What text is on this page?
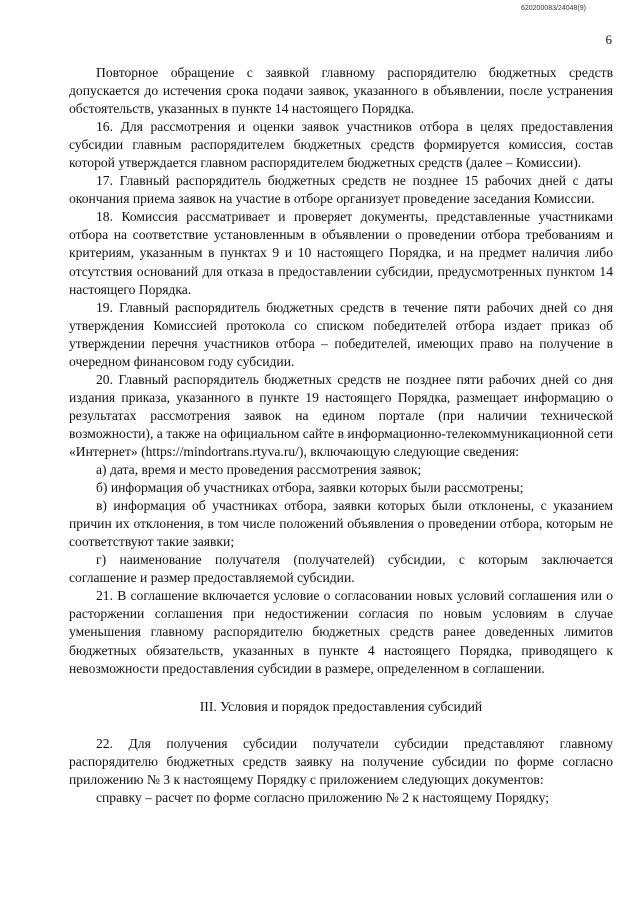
620200083/24048(9)
6

Повторное обращение с заявкой главному распорядителю бюджетных средств допускается до истечения срока подачи заявок, указанного в объявлении, после устранения обстоятельств, указанных в пункте 14 настоящего Порядка.

16. Для рассмотрения и оценки заявок участников отбора в целях предоставления субсидии главным распорядителем бюджетных средств формируется комиссия, состав которой утверждается главном распорядителем бюджетных средств (далее – Комиссии).

17. Главный распорядитель бюджетных средств не позднее 15 рабочих дней с даты окончания приема заявок на участие в отборе организует проведение заседания Комиссии.

18. Комиссия рассматривает и проверяет документы, представленные участниками отбора на соответствие установленным в объявлении о проведении отбора требованиям и критериям, указанным в пунктах 9 и 10 настоящего Порядка, и на предмет наличия либо отсутствия оснований для отказа в предоставлении субсидии, предусмотренных пунктом 14 настоящего Порядка.

19. Главный распорядитель бюджетных средств в течение пяти рабочих дней со дня утверждения Комиссией протокола со списком победителей отбора издает приказ об утверждении перечня участников отбора – победителей, имеющих право на получение в очередном финансовом году субсидии.

20. Главный распорядитель бюджетных средств не позднее пяти рабочих дней со дня издания приказа, указанного в пункте 19 настоящего Порядка, размещает информацию о результатах рассмотрения заявок на едином портале (при наличии технической возможности), а также на официальном сайте в информационно-телекоммуникационной сети «Интернет» (https://mindortrans.rtyva.ru/), включающую следующие сведения:

а) дата, время и место проведения рассмотрения заявок;

б) информация об участниках отбора, заявки которых были рассмотрены;

в) информация об участниках отбора, заявки которых были отклонены, с указанием причин их отклонения, в том числе положений объявления о проведении отбора, которым не соответствуют такие заявки;

г) наименование получателя (получателей) субсидии, с которым заключается соглашение и размер предоставляемой субсидии.

21. В соглашение включается условие о согласовании новых условий соглашения или о расторжении соглашения при недостижении согласия по новым условиям в случае уменьшения главному распорядителю бюджетных средств ранее доведенных лимитов бюджетных обязательств, указанных в пункте 4 настоящего Порядка, приводящего к невозможности предоставления субсидии в размере, определенном в соглашении.

III. Условия и порядок предоставления субсидий

22. Для получения субсидии получатели субсидии представляют главному распорядителю бюджетных средств заявку на получение субсидии по форме согласно приложению № 3 к настоящему Порядку с приложением следующих документов:

справку – расчет по форме согласно приложению № 2 к настоящему Порядку;
